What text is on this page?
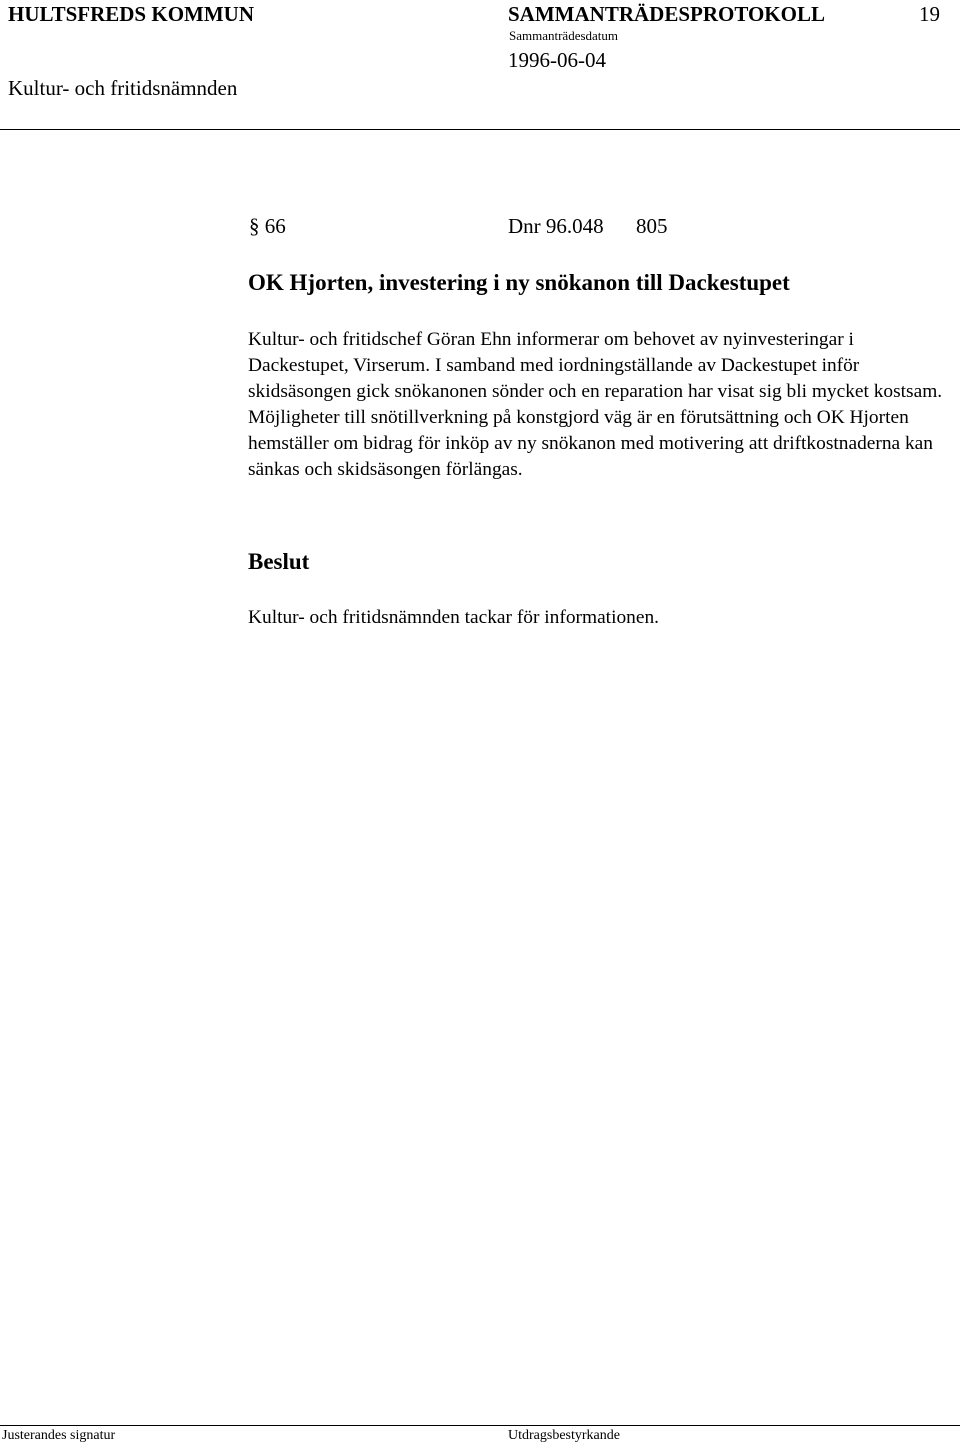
HULTSFREDS KOMMUN	SAMMANTRÄDESPROTOKOLL	19
Sammanträdesdatum
1996-06-04
Kultur- och fritidsnämnden
§ 66	Dnr 96.048 805
OK Hjorten, investering i ny snökanon till Dackestupet
Kultur- och fritidschef Göran Ehn informerar om behovet av nyinvesteringar i Dackestupet, Virserum. I samband med iordningställande av Dackestupet inför skidsäsongen gick snökanonen sönder och en reparation har visat sig bli mycket kostsam. Möjligheter till snötillverkning på konstgjord väg är en förutsättning och OK Hjorten hemställer om bidrag för inköp av ny snökanon med motivering att driftkostnaderna kan sänkas och skidsäsongen förlängas.
Beslut
Kultur- och fritidsnämnden tackar för informationen.
Justerandes signatur	Utdragsbestyrkande
